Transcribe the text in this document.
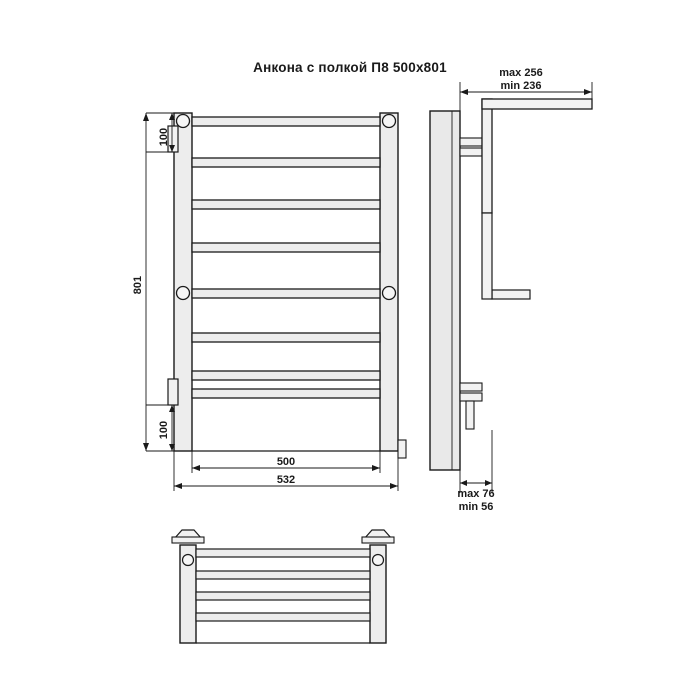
Анкона с полкой П8 500x801
801
100
100
500
532
max 256
min 236
max 76
min 56
